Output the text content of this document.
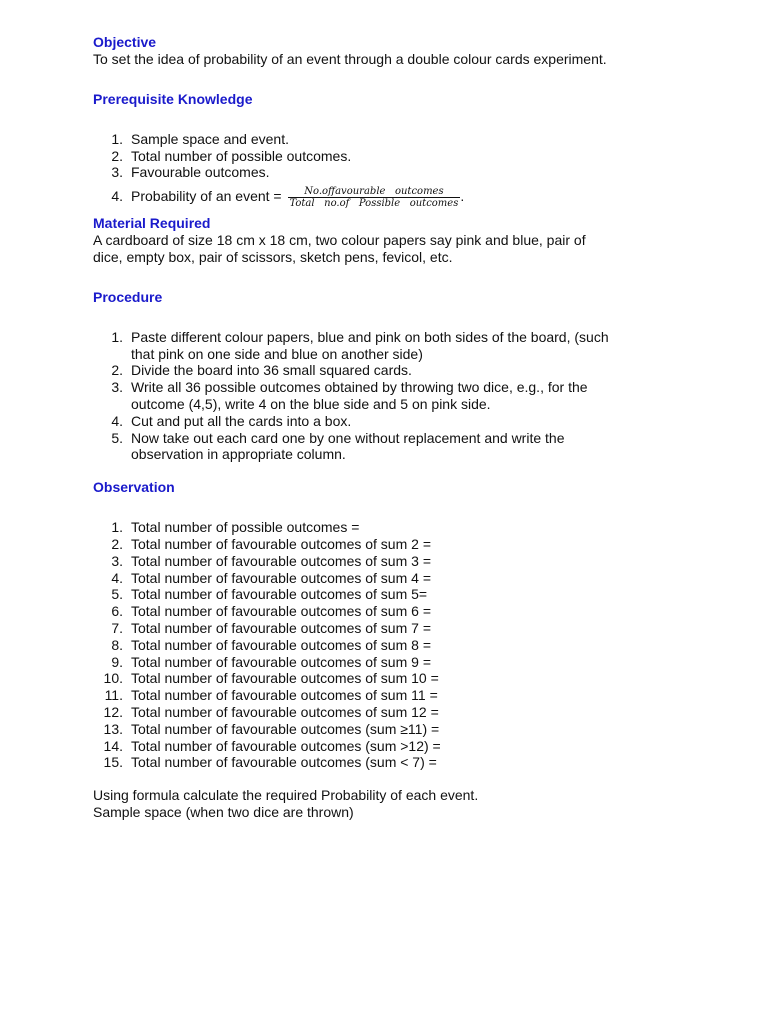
Objective

To set the idea of probability of an event through a double colour cards experiment.

Prerequisite Knowledge
1. Sample space and event.
2. Total number of possible outcomes.
3. Favourable outcomes.
4. Probability of an event = $\frac{\text{No.offavourable   outcomes}}{\text{Total   no.of   Possible   outcomes}}$ .
Material Required
A cardboard of size 18 cm x 18 cm, two colour papers say pink and blue, pair of
dice, empty box, pair of scissors, sketch pens, fevicol, etc.
Procedure
1. Paste different colour papers, blue and pink on both sides of the board, (such
that pink on one side and blue on another side)
2. Divide the board into 36 small squared cards.
3. Write all 36 possible outcomes obtained by throwing two dice, e.g., for the
outcome (4,5), write 4 on the blue side and 5 on pink side.
4. Cut and put all the cards into a box.
5. Now take out each card one by one without replacement and write the
observation in appropriate column.
Observation
1. Total number of possible outcomes =
2. Total number of favourable outcomes of sum 2 =
3. Total number of favourable outcomes of sum 3 =
4. Total number of favourable outcomes of sum 4 =
5. Total number of favourable outcomes of sum 5=
6. Total number of favourable outcomes of sum 6 =
7. Total number of favourable outcomes of sum 7 =
8. Total number of favourable outcomes of sum 8 =
9. Total number of favourable outcomes of sum 9 =
10. Total number of favourable outcomes of sum 10 =
11. Total number of favourable outcomes of sum 11 =
12. Total number of favourable outcomes of sum 12 =
13. Total number of favourable outcomes (sum ≥11) =
14. Total number of favourable outcomes (sum >12) =
15. Total number of favourable outcomes (sum < 7) =
Using formula calculate the required Probability of each event.
Sample space (when two dice are thrown)
